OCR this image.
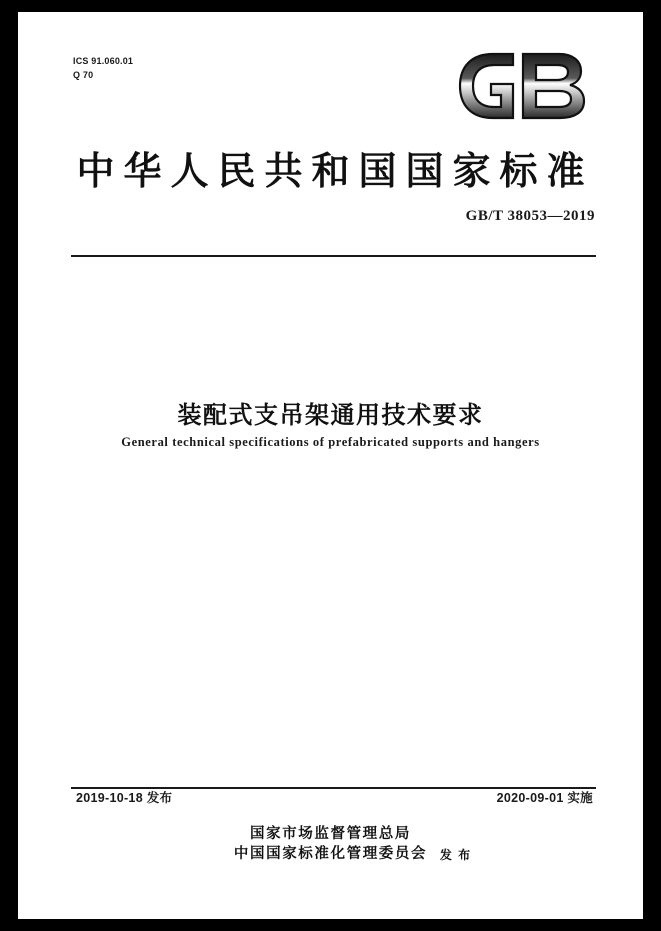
ICS 91.060.01
Q 70
中华人民共和国国家标准
GB/T 38053—2019
装配式支吊架通用技术要求
General technical specifications of prefabricated supports and hangers
2019-10-18 发布	2020-09-01 实施
国家市场监督管理总局
中国国家标准化管理委员会 发 布
